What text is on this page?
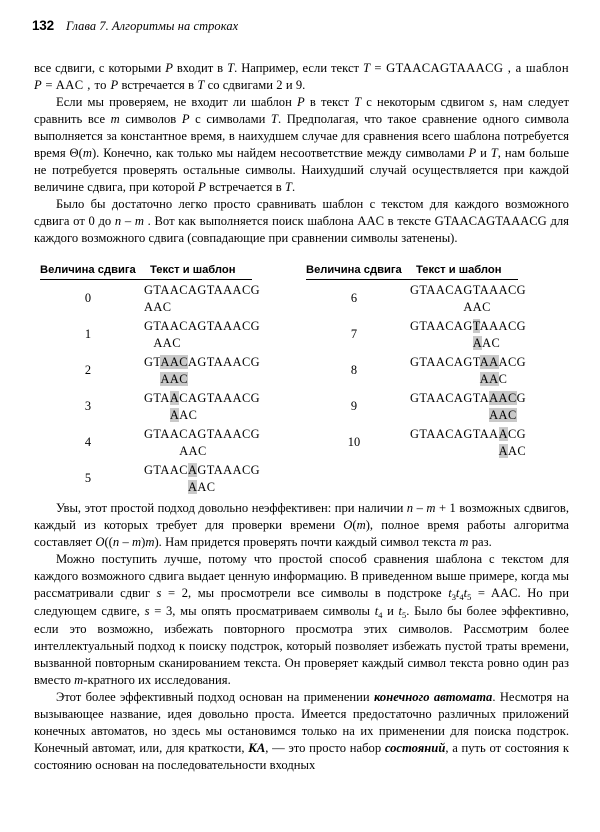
132 Глава 7. Алгоритмы на строках

все сдвиги, с которыми P входит в T. Например, если текст T = GTAACAGTAAACG , а шаблон P = AAC , то P встречается в T со сдвигами 2 и 9.

Если мы проверяем, не входит ли шаблон P в текст T с некоторым сдвигом s, нам следует сравнить все m символов P с символами T. Предполагая, что такое сравнение одного символа выполняется за константное время, в наихудшем случае для сравнения всего шаблона потребуется время Θ(m). Конечно, как только мы найдем несоответствие между символами P и T, нам больше не потребуется проверять остальные символы. Наихудший случай осуществляется при каждой величине сдвига, при которой P встречается в T.

Было бы достаточно легко просто сравнивать шаблон с текстом для каждого возможного сдвига от 0 до n – m . Вот как выполняется поиск шаблона AAC в тексте GTAACAGTAAACG для каждого возможного сдвига (совпадающие при сравнении символы затенены).

Величина сдвига	Текст и шаблон
0
GTAACAGTAAACG
AAC
1
GTAACAGTAAACG
AAC
2
GTAACAGTAAACG
AAC
3
GTAACAGTAAACG
AAC
4
GTAACAGTAAACG
AAC
5
GTAACAGTAAACG
AAC
Величина сдвига	Текст и шаблон
6
GTAACAGTAAACG
AAC
7
GTAACAGTAAACG
AAC
8
GTAACAGTAAACG
AAC
9
GTAACAGTAAACG
AAC
10
GTAACAGTAAACG
AAC

Увы, этот простой подход довольно неэффективен: при наличии n – m + 1 возможных сдвигов, каждый из которых требует для проверки времени O(m), полное время работы алгоритма составляет O((n – m)m). Нам придется проверять почти каждый символ текста m раз.

Можно поступить лучше, потому что простой способ сравнения шаблона с текстом для каждого возможного сдвига выдает ценную информацию. В приведенном выше примере, когда мы рассматривали сдвиг s = 2, мы просмотрели все символы в подстроке $t_3t_4t_5$ = AAC. Но при следующем сдвиге, s = 3, мы опять просматриваем символы $t_4$ и $t_5$. Было бы более эффективно, если это возможно, избежать повторного просмотра этих символов. Рассмотрим более интеллектуальный подход к поиску подстрок, который позволяет избежать пустой траты времени, вызванной повторным сканированием текста. Он проверяет каждый символ текста ровно один раз вместо m-кратного их исследования.

Этот более эффективный подход основан на применении конечного автомата. Несмотря на вызывающее название, идея довольно проста. Имеется предостаточно различных приложений конечных автоматов, но здесь мы остановимся только на их применении для поиска подстрок. Конечный автомат, или, для краткости, КА, — это просто набор состояний, а путь от состояния к состоянию основан на последовательности входных
